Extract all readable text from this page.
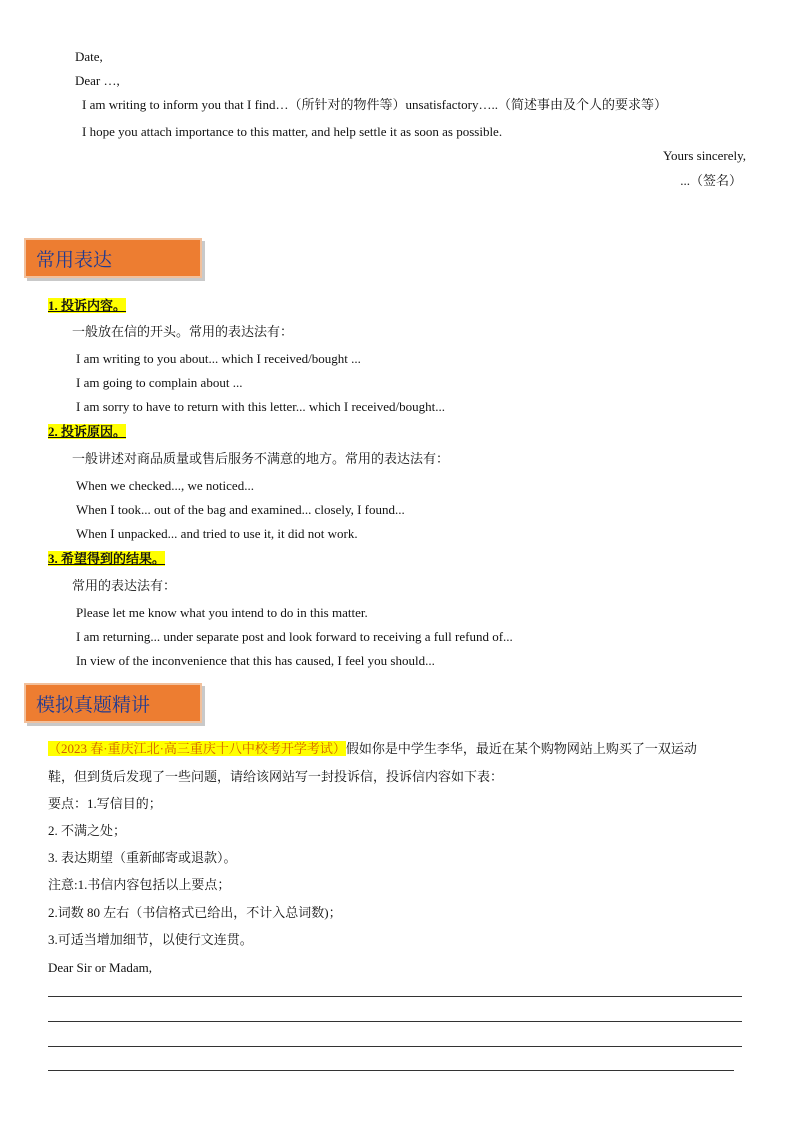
Date,
Dear …,
I am writing to inform you that I find…（所针对的物件等）unsatisfactory…..（简述事由及个人的要求等）
I hope you attach importance to this matter, and help settle it as soon as possible.
Yours sincerely,
...（签名）
常用表达
1. 投诉内容。
一般放在信的开头。常用的表达法有：
I am writing to you about... which I received/bought ...
I am going to complain about ...
I am sorry to have to return with this letter... which I received/bought...
2. 投诉原因。
一般讲述对商品质量或售后服务不满意的地方。常用的表达法有：
When we checked..., we noticed...
When I took... out of the bag and examined... closely, I found...
When I unpacked... and tried to use it, it did not work.
3. 希望得到的结果。
常用的表达法有：
Please let me know what you intend to do in this matter.
I am returning... under separate post and look forward to receiving a full refund of...
In view of the inconvenience that this has caused, I feel you should...
模拟真题精讲
（2023 春·重庆江北·高三重庆十八中校考开学考试）假如你是中学生李华，最近在某个购物网站上购买了一双运动
鞋，但到货后发现了一些问题，请给该网站写一封投诉信，投诉信内容如下表：
要点：1.写信目的；
2. 不满之处；
3. 表达期望（重新邮寄或退款）。
注意:1.书信内容包括以上要点；
2.词数 80 左右（书信格式已给出，不计入总词数)；
3.可适当增加细节，以使行文连贯。
Dear Sir or Madam,
